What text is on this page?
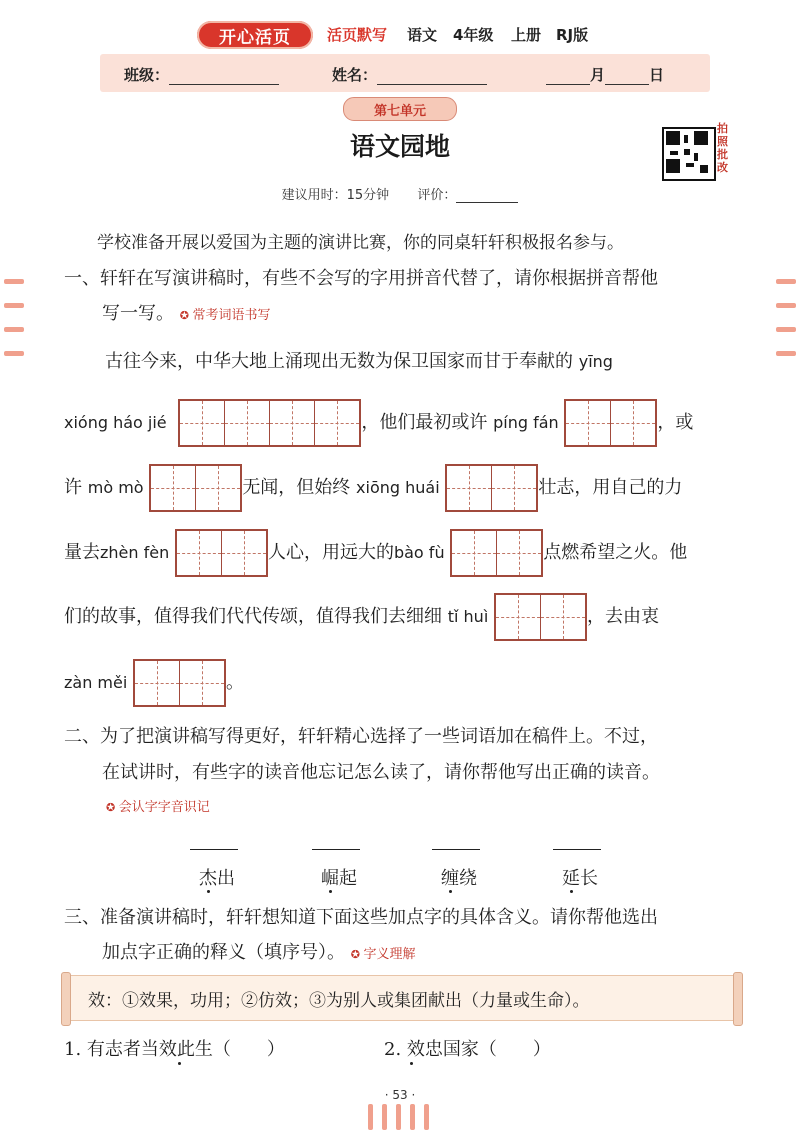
开心活页	活页默写 语文 4年级 上册 RJ版
班级：	姓名：	月	日
第七单元
语文园地
拍
照
批
改
建议用时：15分钟 评价：
学校准备开展以爱国为主题的演讲比赛，你的同桌轩轩积极报名参与。
一、轩轩在写演讲稿时，有些不会写的字用拼音代替了，请你根据拼音帮他
写一写。 ✪ 常考词语书写
古往今来，中华大地上涌现出无数为保卫国家而甘于奉献的 yīng
xióng háo jié	，他们最初或许 píng fán	，或
许 mò mò	无闻，但始终 xiōng huái	壮志，用自己的力
量去zhèn fèn	人心，用远大的bào fù	点燃希望之火。他
们的故事，值得我们代代传颂，值得我们去细细 tǐ huì	，去由衷
zàn měi	。
二、为了把演讲稿写得更好，轩轩精心选择了一些词语加在稿件上。不过，
在试讲时，有些字的读音他忘记怎么读了，请你帮他写出正确的读音。
✪ 会认字字音识记
杰出	崛起	缠绕	延长
三、准备演讲稿时，轩轩想知道下面这些加点字的具体含义。请你帮他选出
加点字正确的释义（填序号）。 ✪ 字义理解
效：①效果，功用；②仿效；③为别人或集团献出（力量或生命）。
1. 有志者当效此生（　　）	2. 效忠国家（　　）
· 53 ·
